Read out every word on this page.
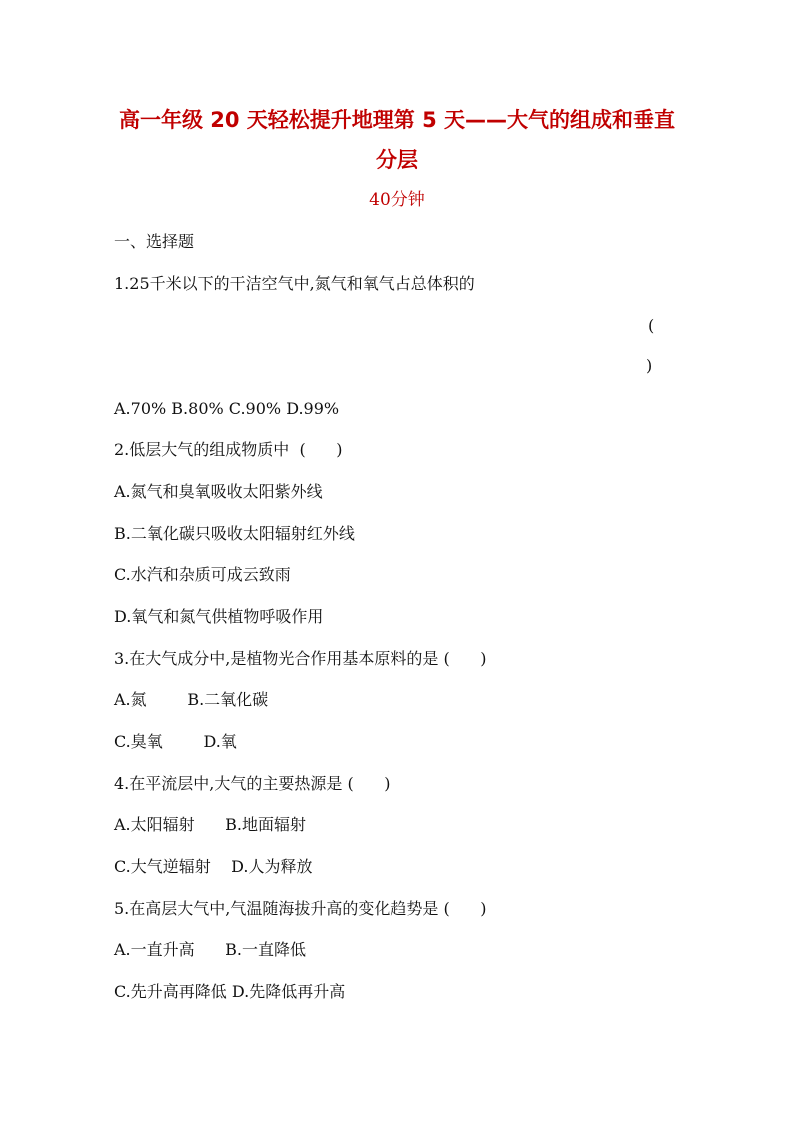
高一年级 20 天轻松提升地理第 5 天——大气的组成和垂直
分层
40分钟
一、选择题
1.25千米以下的干洁空气中,氮气和氧气占总体积的
(
)
A.70% B.80% C.90% D.99%
2.低层大气的组成物质中  (      )
A.氮气和臭氧吸收太阳紫外线
B.二氧化碳只吸收太阳辐射红外线
C.水汽和杂质可成云致雨
D.氧气和氮气供植物呼吸作用
3.在大气成分中,是植物光合作用基本原料的是 (      )
A.氮        B.二氧化碳
C.臭氧        D.氧
4.在平流层中,大气的主要热源是 (      )
A.太阳辐射      B.地面辐射
C.大气逆辐射    D.人为释放
5.在高层大气中,气温随海拔升高的变化趋势是 (      )
A.一直升高      B.一直降低
C.先升高再降低 D.先降低再升高
